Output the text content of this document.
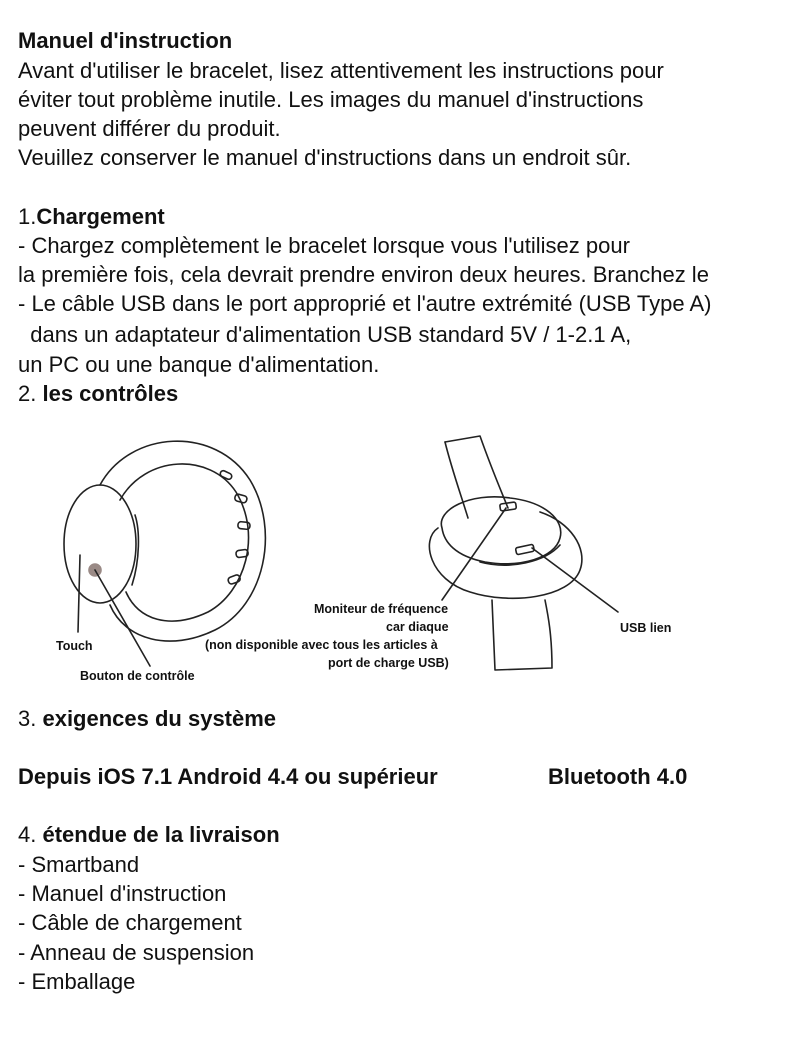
Manuel d'instruction
Avant d'utiliser le bracelet, lisez attentivement les instructions pour
éviter tout problème inutile. Les images du manuel d'instructions
peuvent différer du produit.
Veuillez conserver le manuel d'instructions dans un endroit sûr.
1.Chargement
- Chargez complètement le bracelet lorsque vous l'utilisez pour
la première fois, cela devrait prendre environ deux heures. Branchez le
- Le câble USB dans le port approprié et l'autre extrémité (USB Type A)
dans un adaptateur d'alimentation USB standard 5V / 1-2.1 A,
un PC ou une banque d'alimentation.
2. les contrôles
Touch
Bouton de contrôle
Moniteur de fréquence
car diaque
(non disponible avec tous les articles à
port de charge USB)
USB lien
3. exigences du système
Depuis iOS 7.1 Android 4.4 ou supérieur	Bluetooth 4.0
4. étendue de la livraison
- Smartband
- Manuel d'instruction
- Câble de chargement
- Anneau de suspension
- Emballage
